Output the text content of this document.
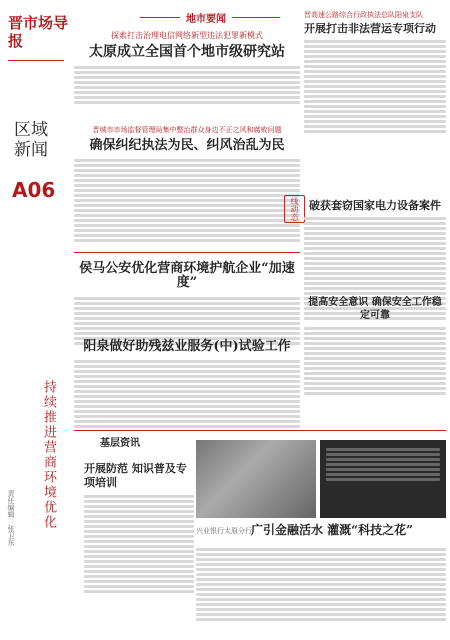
晋市场导报
区域新闻
A06
持续推进营商环境优化
责任编辑：张卫东
地市要闻
探索打击治理电信网络新型违法犯罪新模式
太原成立全国首个地市级研究站
晋城市市场监督管理局集中整治群众身边不正之风和腐败问题
确保纠纪执法为民、纠风治乱为民
晋高速公路综合行政执法总队阳泉支队
开展打击非法营运专项行动
线动态 破获套窃国家电力设备案件
侯马公安优化营商环境护航企业“加速度”
阳泉做好助残兹业服务(中)试验工作
提高安全意识 确保安全工作稳定可靠
基层资讯
开展防范 知识普及专项培训
兴业银行太原分行 广引金融活水 灌溉“科技之花”
